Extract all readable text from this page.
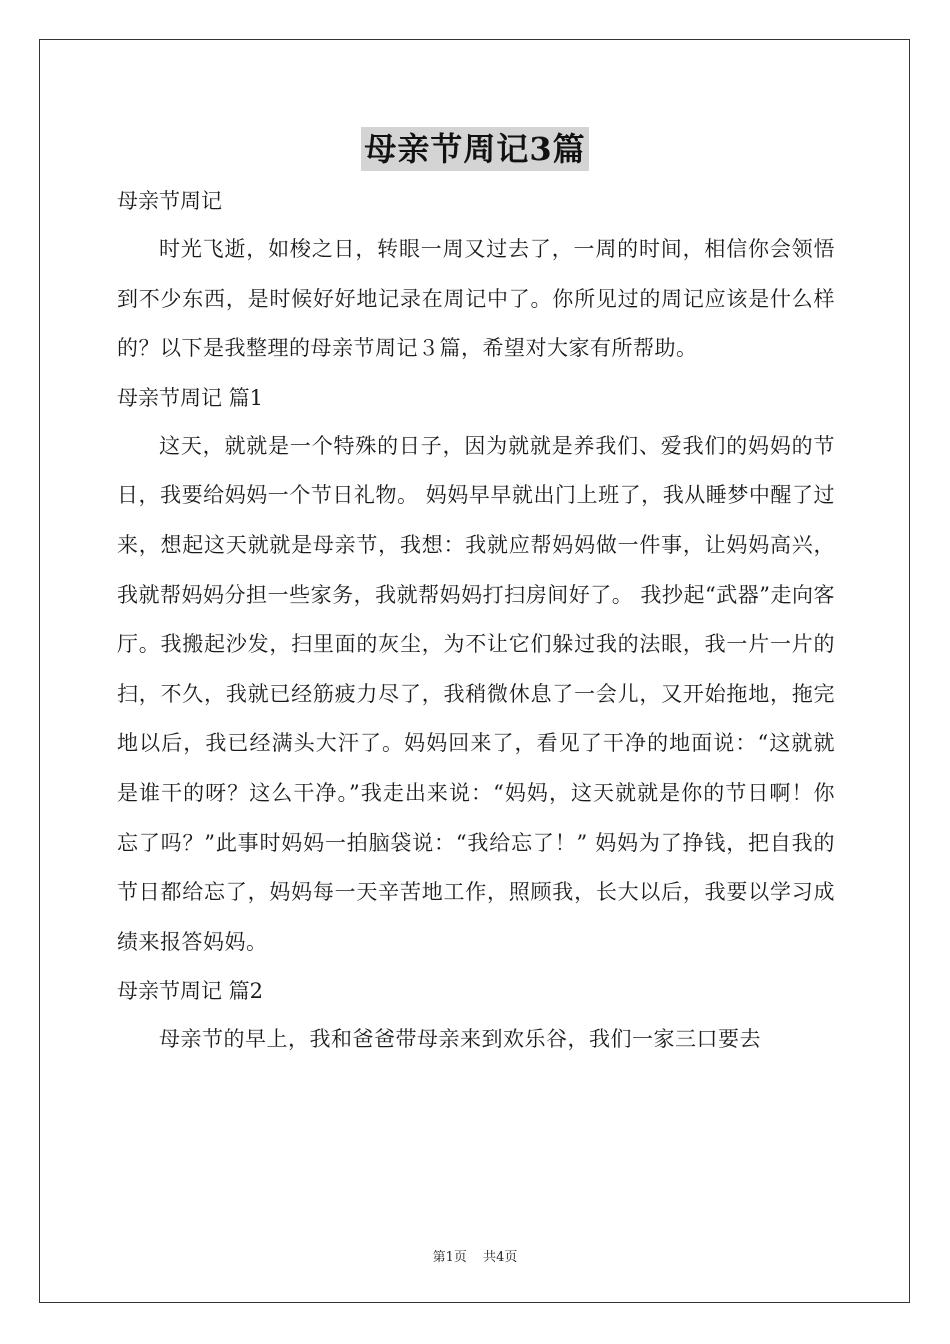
母亲节周记3篇
母亲节周记

时光飞逝，如梭之日，转眼一周又过去了，一周的时间，相信你会领悟到不少东西，是时候好好地记录在周记中了。你所见过的周记应该是什么样的？以下是我整理的母亲节周记３篇，希望对大家有所帮助。

母亲节周记 篇1

这天，就就是一个特殊的日子，因为就就是养我们、爱我们的妈妈的节日，我要给妈妈一个节日礼物。 妈妈早早就出门上班了，我从睡梦中醒了过来，想起这天就就是母亲节，我想：我就应帮妈妈做一件事，让妈妈高兴，我就帮妈妈分担一些家务，我就帮妈妈打扫房间好了。 我抄起“武器”走向客厅。我搬起沙发，扫里面的灰尘，为不让它们躲过我的法眼，我一片一片的扫，不久，我就已经筋疲力尽了，我稍微休息了一会儿，又开始拖地，拖完地以后，我已经满头大汗了。妈妈回来了，看见了干净的地面说：“这就就是谁干的呀？这么干净。”我走出来说：“妈妈，这天就就是你的节日啊！你忘了吗？”此事时妈妈一拍脑袋说：“我给忘了！” 妈妈为了挣钱，把自我的节日都给忘了，妈妈每一天辛苦地工作，照顾我，长大以后，我要以学习成绩来报答妈妈。

母亲节周记 篇2

母亲节的早上，我和爸爸带母亲来到欢乐谷，我们一家三口要去

第1页 共4页
